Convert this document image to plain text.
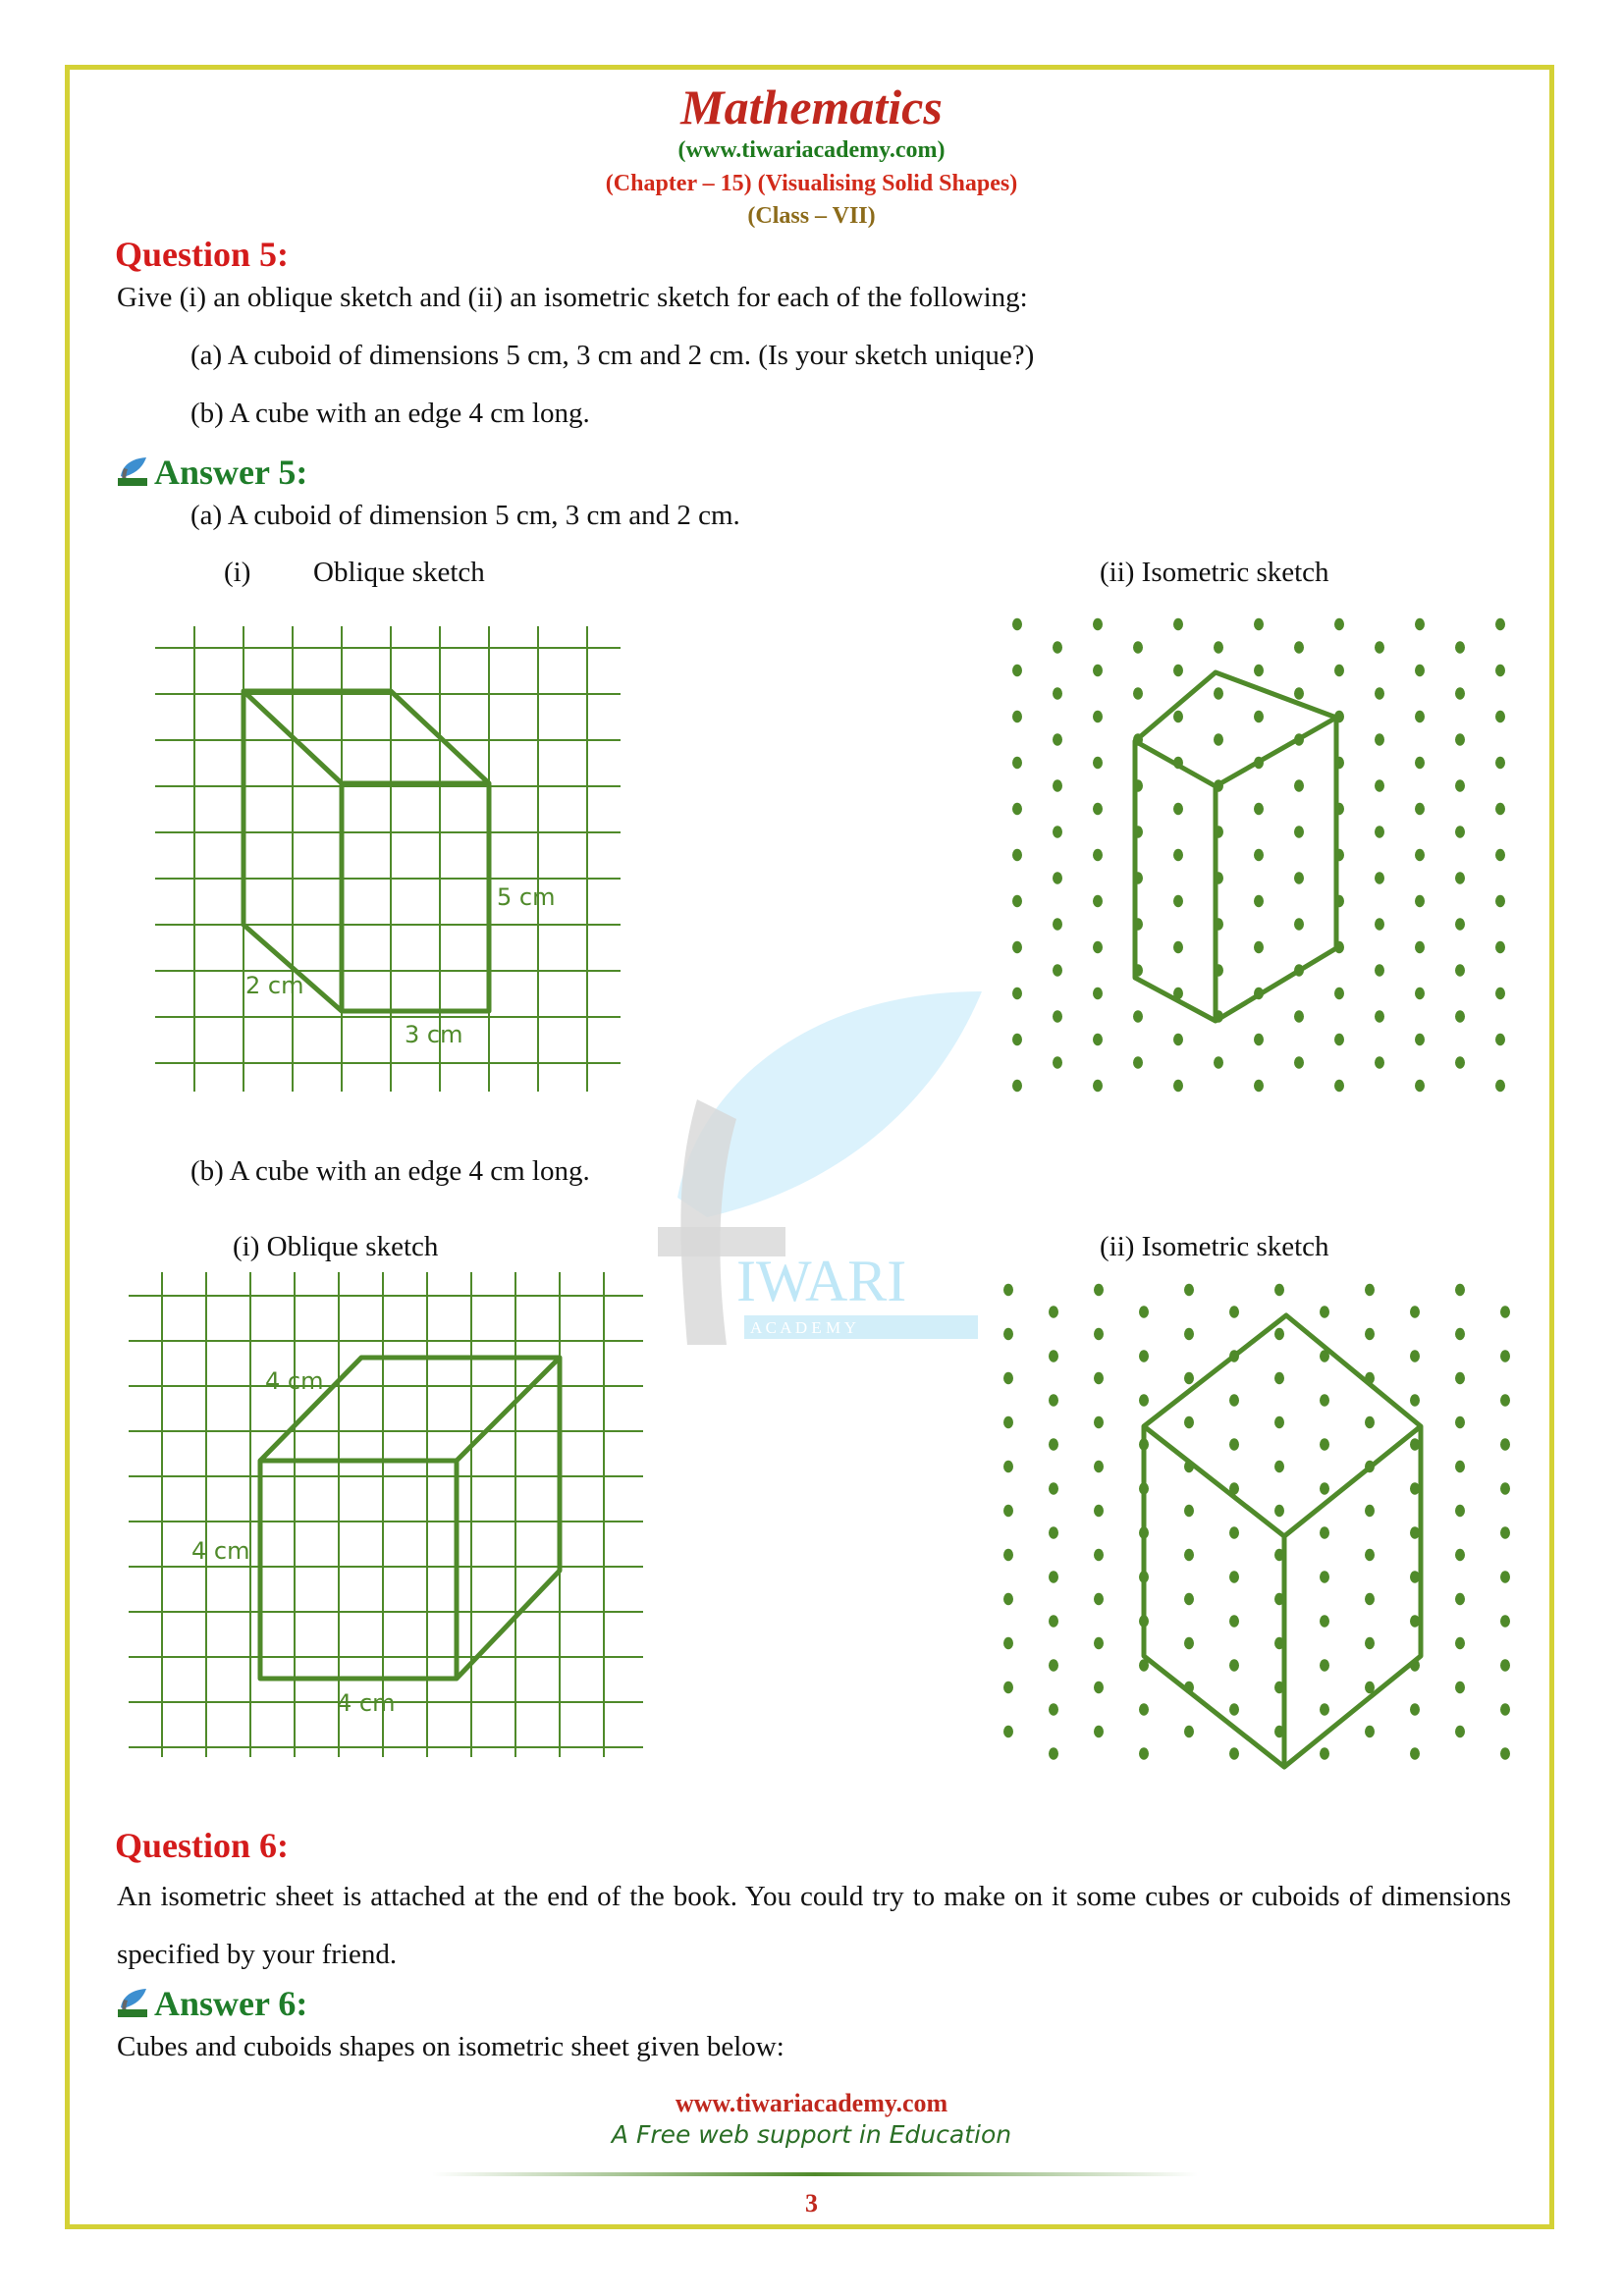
IWARI
A C A D E M Y
Mathematics
(www.tiwariacademy.com)
(Chapter – 15) (Visualising Solid Shapes)
(Class – VII)
Question 5:
Give (i) an oblique sketch and (ii) an isometric sketch for each of the following:
(a) A cuboid of dimensions 5 cm, 3 cm and 2 cm. (Is your sketch unique?)
(b) A cube with an edge 4 cm long.
Answer 5:
(a) A cuboid of dimension 5 cm, 3 cm and 2 cm.
(i) Oblique sketch	(ii) Isometric sketch
5 cm
2 cm
3 cm
(b) A cube with an edge 4 cm long.
(i) Oblique sketch	(ii) Isometric sketch
4 cm
4 cm
4 cm
Question 6:
An isometric sheet is attached at the end of the book. You could try to make on it some cubes or cuboids of dimensions specified by your friend.
Answer 6:
Cubes and cuboids shapes on isometric sheet given below:
www.tiwariacademy.com
A Free web support in Education
3
